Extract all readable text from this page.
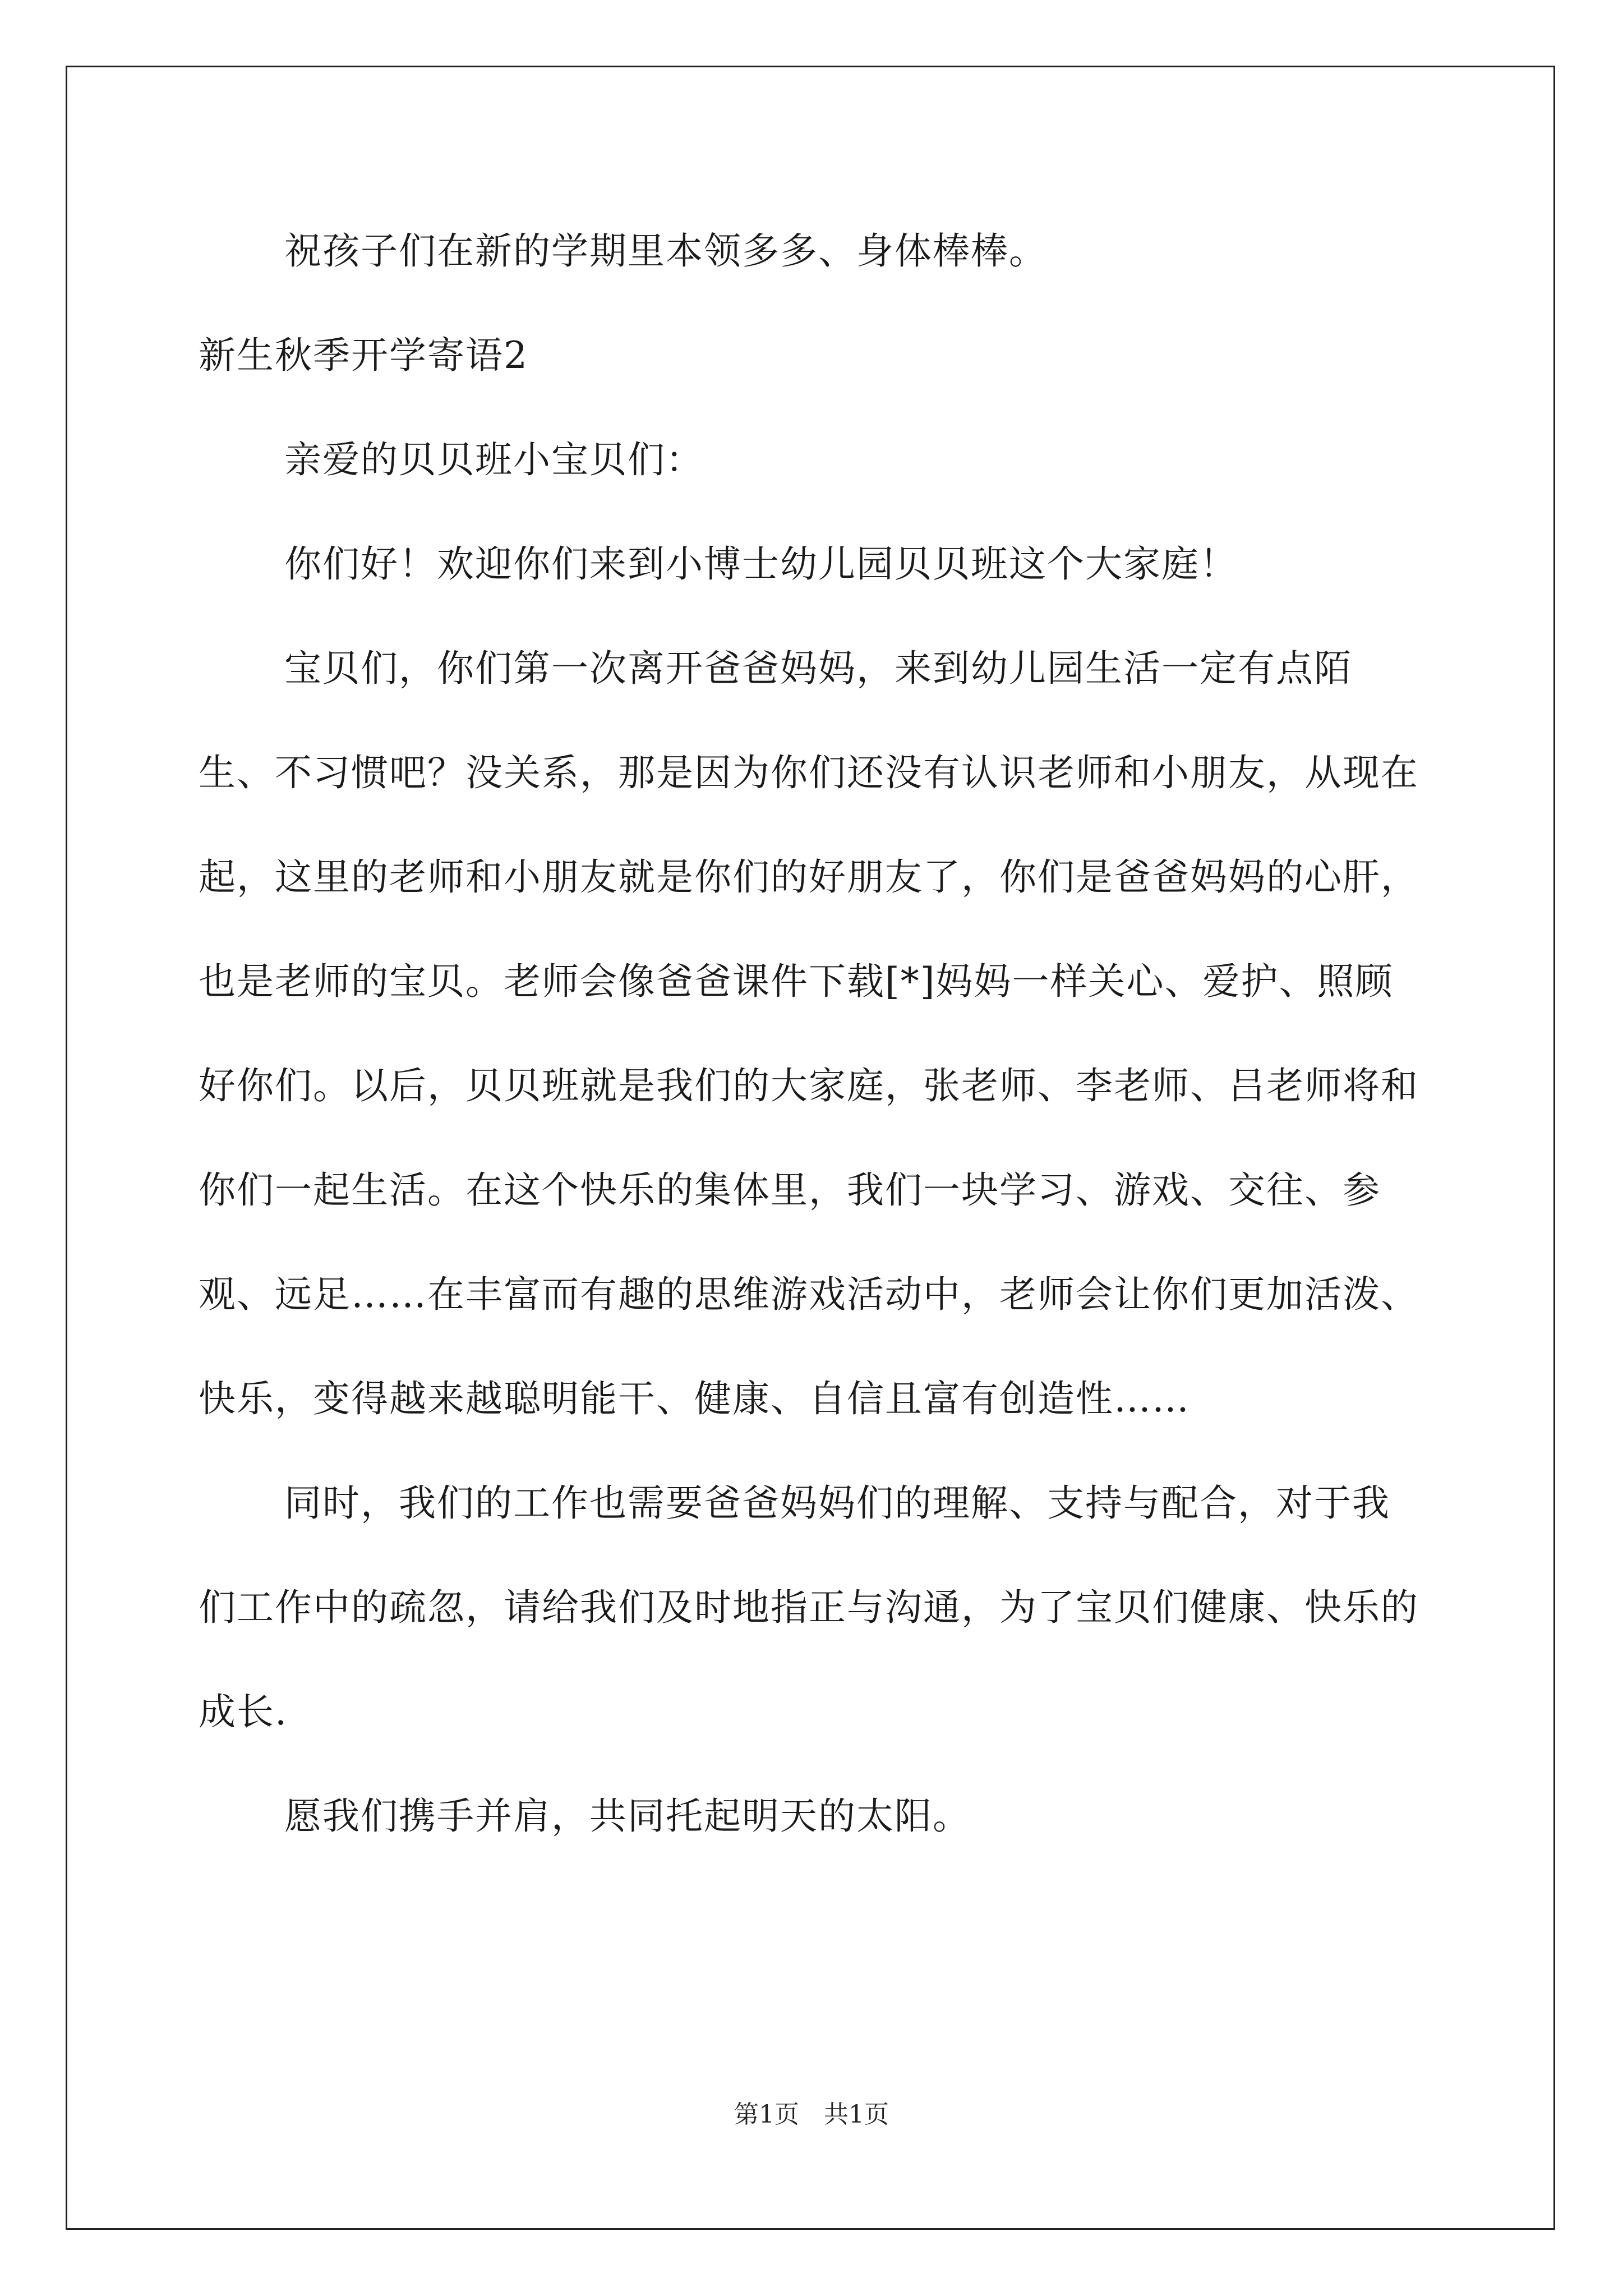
祝孩子们在新的学期里本领多多、身体棒棒。

新生秋季开学寄语2

亲爱的贝贝班小宝贝们：

你们好！欢迎你们来到小博士幼儿园贝贝班这个大家庭！

宝贝们，你们第一次离开爸爸妈妈，来到幼儿园生活一定有点陌生、不习惯吧？没关系，那是因为你们还没有认识老师和小朋友，从现在起，这里的老师和小朋友就是你们的好朋友了，你们是爸爸妈妈的心肝，也是老师的宝贝。老师会像爸爸课件下载[*]妈妈一样关心、爱护、照顾好你们。以后，贝贝班就是我们的大家庭，张老师、李老师、吕老师将和你们一起生活。在这个快乐的集体里，我们一块学习、游戏、交往、参观、远足……在丰富而有趣的思维游戏活动中，老师会让你们更加活泼、快乐，变得越来越聪明能干、健康、自信且富有创造性……

同时，我们的工作也需要爸爸妈妈们的理解、支持与配合，对于我们工作中的疏忽，请给我们及时地指正与沟通，为了宝贝们健康、快乐的成长.

愿我们携手并肩，共同托起明天的太阳。

第1页　共1页
